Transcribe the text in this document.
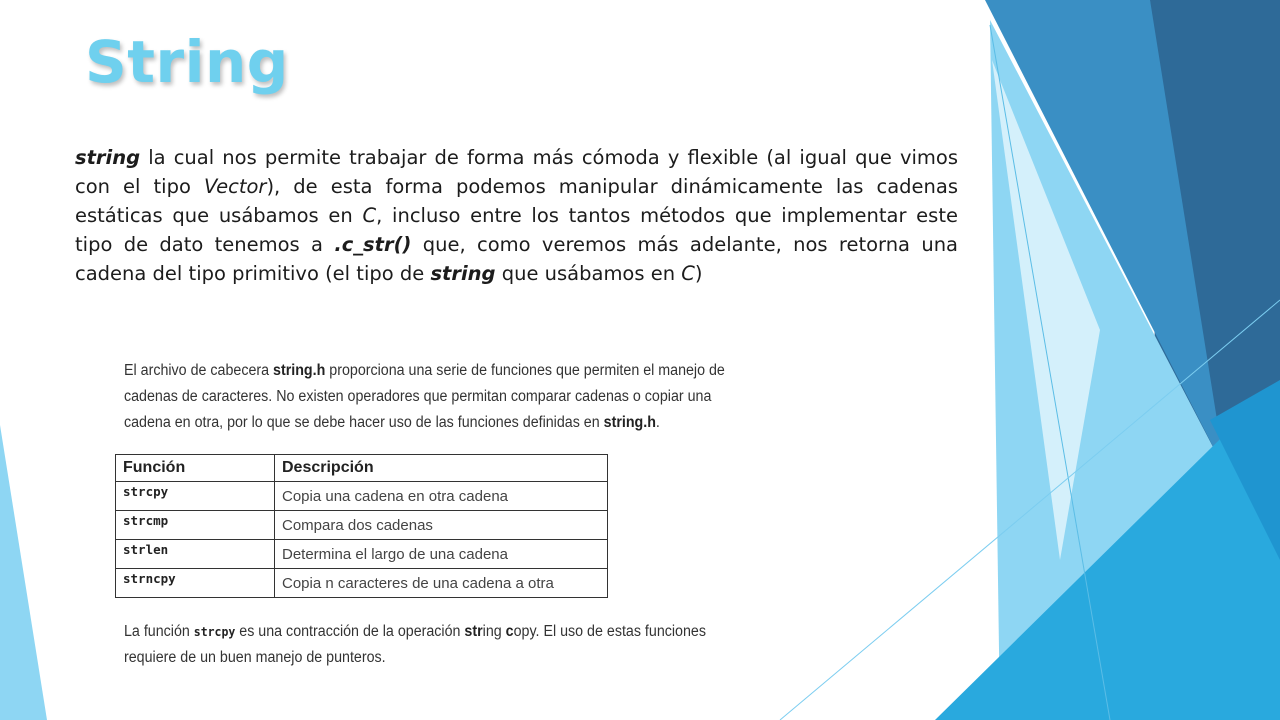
String
string la cual nos permite trabajar de forma más cómoda y flexible (al igual que vimos con el tipo Vector), de esta forma podemos manipular dinámicamente las cadenas estáticas que usábamos en C, incluso entre los tantos métodos que implementar este tipo de dato tenemos a .c_str() que, como veremos más adelante, nos retorna una cadena del tipo primitivo (el tipo de string que usábamos en C)
El archivo de cabecera string.h proporciona una serie de funciones que permiten el manejo de cadenas de caracteres. No existen operadores que permitan comparar cadenas o copiar una cadena en otra, por lo que se debe hacer uso de las funciones definidas en string.h.
Función	Descripción
strcpy	Copia una cadena en otra cadena
strcmp	Compara dos cadenas
strlen	Determina el largo de una cadena
strncpy	Copia n caracteres de una cadena a otra
La función strcpy es una contracción de la operación string copy. El uso de estas funciones requiere de un buen manejo de punteros.
